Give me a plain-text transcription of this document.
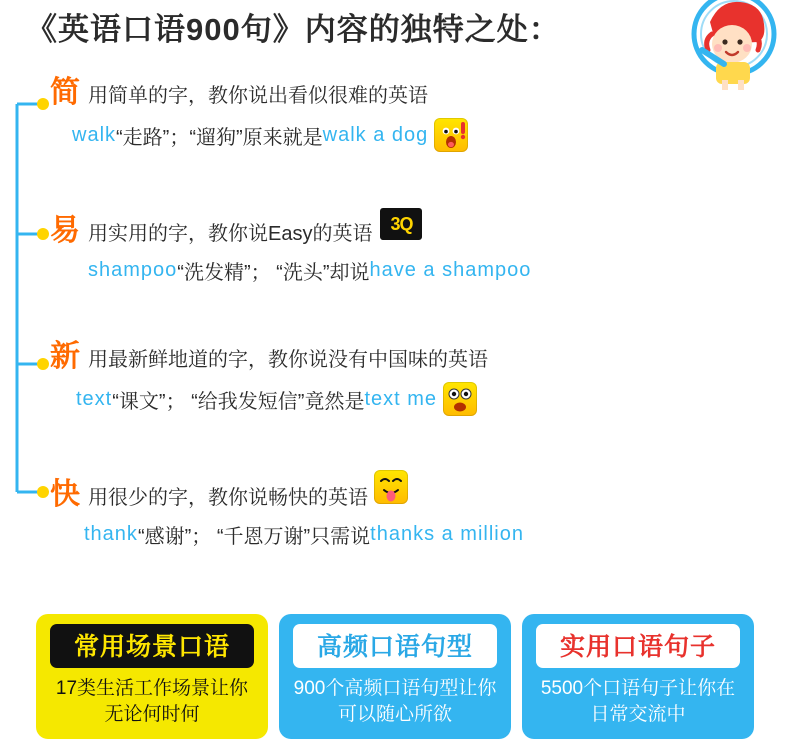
《英语口语900句》内容的独特之处：
简 用简单的字，教你说出看似很难的英语
walk “走路”；“遛狗”原来就是 walk a dog
易 用实用的字，教你说Easy的英语 3Q
shampoo “洗发精”； “洗头”却说 have a shampoo
新 用最新鲜地道的字，教你说没有中国味的英语
text “课文”； “给我发短信”竟然是 text me
快 用很少的字，教你说畅快的英语
thank “感谢”； “千恩万谢”只需说 thanks a million
常用场景口语
17类生活工作场景让你无论何时何
高频口语句型
900个高频口语句型让你可以随心所欲
实用口语句子
5500个口语句子让你在日常交流中
